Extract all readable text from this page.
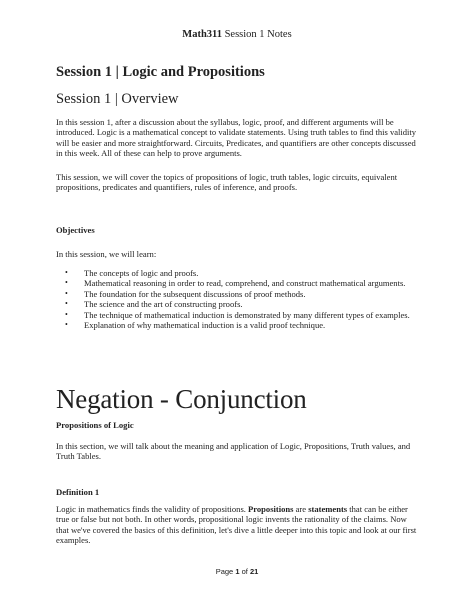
Math311 Session 1 Notes
Session 1 | Logic and Propositions
Session 1 | Overview
In this session 1, after a discussion about the syllabus, logic, proof, and different arguments will be introduced. Logic is a mathematical concept to validate statements. Using truth tables to find this validity will be easier and more straightforward. Circuits, Predicates, and quantifiers are other concepts discussed in this week. All of these can help to prove arguments.
This session, we will cover the topics of propositions of logic, truth tables, logic circuits, equivalent propositions, predicates and quantifiers, rules of inference, and proofs.
Objectives
In this session, we will learn:
• The concepts of logic and proofs.
• Mathematical reasoning in order to read, comprehend, and construct mathematical arguments.
• The foundation for the subsequent discussions of proof methods.
• The science and the art of constructing proofs.
• The technique of mathematical induction is demonstrated by many different types of examples.
• Explanation of why mathematical induction is a valid proof technique.
Negation - Conjunction
Propositions of Logic
In this section, we will talk about the meaning and application of Logic, Propositions, Truth values, and Truth Tables.
Definition 1
Logic in mathematics finds the validity of propositions. Propositions are statements that can be either true or false but not both. In other words, propositional logic invents the rationality of the claims. Now that we've covered the basics of this definition, let's dive a little deeper into this topic and look at our first examples.
Page 1 of 21
